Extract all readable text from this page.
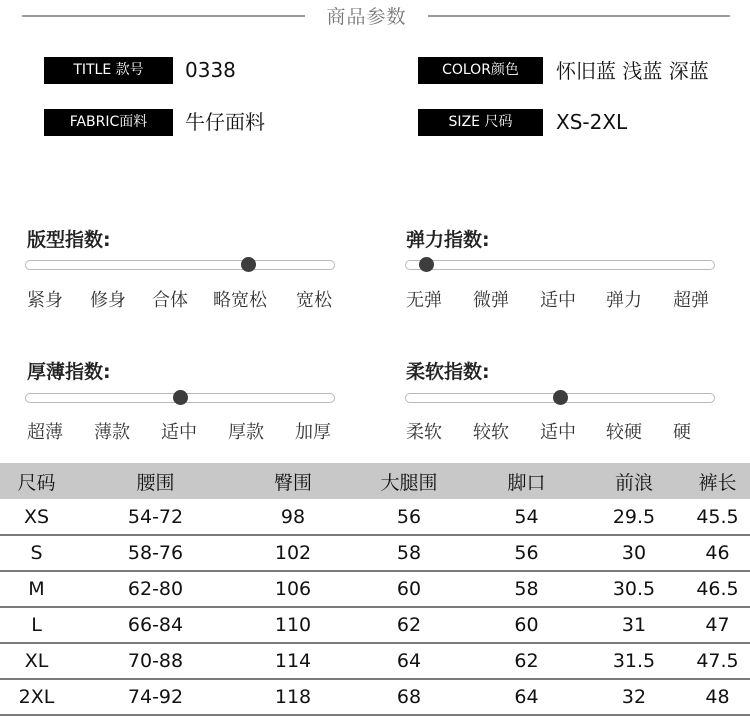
商品参数
TITLE 款号	0338
FABRIC面料	牛仔面料
COLOR颜色	怀旧蓝 浅蓝 深蓝
SIZE 尺码	XS-2XL
版型指数:
紧身 修身 合体 略宽松 宽松
弹力指数:
无弹 微弹 适中 弹力 超弹
厚薄指数:
超薄 薄款 适中 厚款 加厚
柔软指数:
柔软 较软 适中 较硬 硬
尺码	腰围	臀围	大腿围	脚口	前浪	裤长
XS	54-72	98	56	54	29.5	45.5
S	58-76	102	58	56	30	46
M	62-80	106	60	58	30.5	46.5
L	66-84	110	62	60	31	47
XL	70-88	114	64	62	31.5	47.5
2XL	74-92	118	68	64	32	48
